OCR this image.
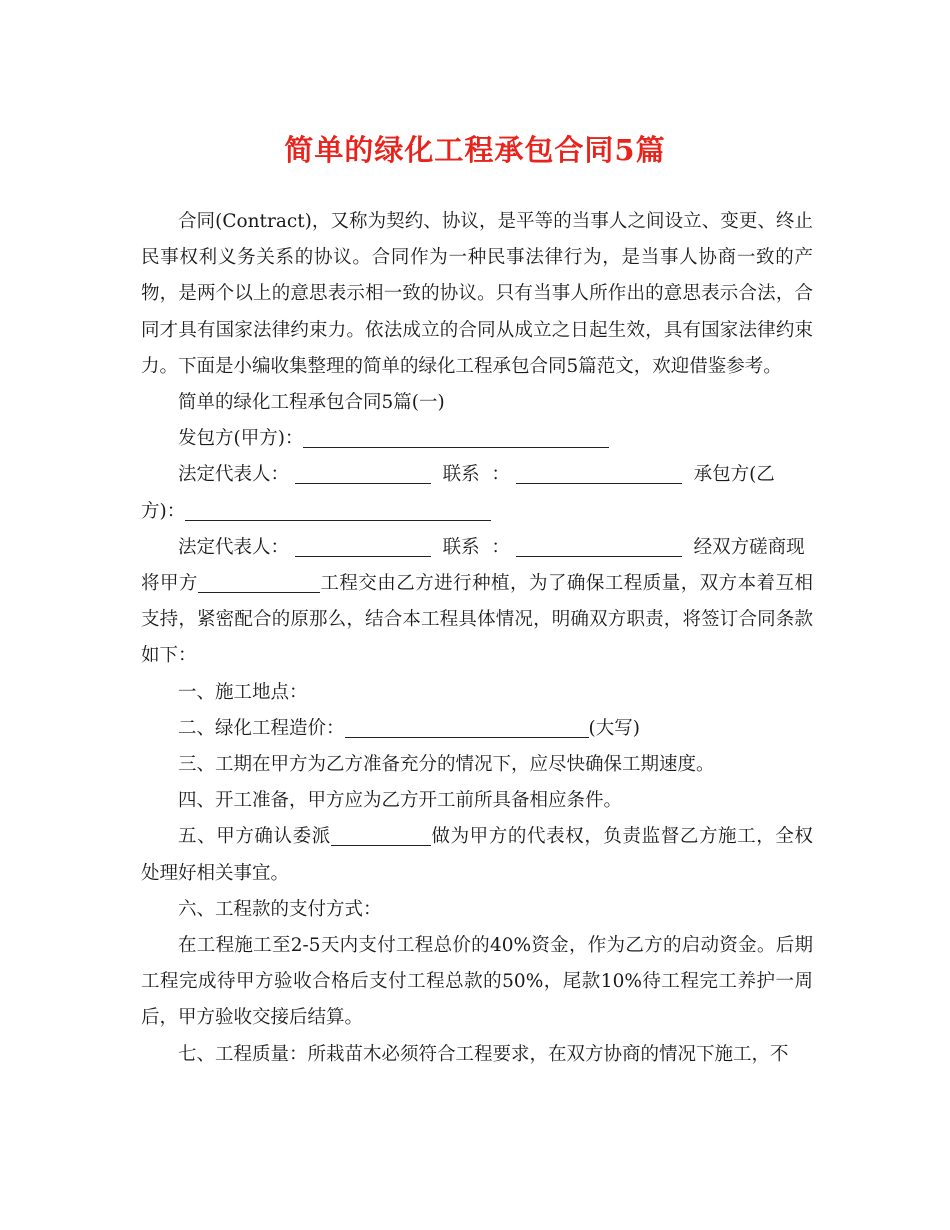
简单的绿化工程承包合同5篇

合同(Contract)，又称为契约、协议，是平等的当事人之间设立、变更、终止民事权利义务关系的协议。合同作为一种民事法律行为，是当事人协商一致的产物，是两个以上的意思表示相一致的协议。只有当事人所作出的意思表示合法，合同才具有国家法律约束力。依法成立的合同从成立之日起生效，具有国家法律约束力。下面是小编收集整理的简单的绿化工程承包合同5篇范文，欢迎借鉴参考。

简单的绿化工程承包合同5篇(一)

发包方(甲方)：

法定代表人：	联系  ：	承包方(乙

方)：

法定代表人：	联系  ：	经双方磋商现

将甲方	工程交由乙方进行种植，为了确保工程质量，双方本着互相支持，紧密配合的原那么，结合本工程具体情况，明确双方职责，将签订合同条款如下：

一、施工地点：

二、绿化工程造价：	(大写)

三、工期在甲方为乙方准备充分的情况下，应尽快确保工期速度。

四、开工准备，甲方应为乙方开工前所具备相应条件。

五、甲方确认委派	做为甲方的代表权，负责监督乙方施工，全权处理好相关事宜。

六、工程款的支付方式：

在工程施工至2-5天内支付工程总价的40%资金，作为乙方的启动资金。后期工程完成待甲方验收合格后支付工程总款的50%，尾款10%待工程完工养护一周后，甲方验收交接后结算。

七、工程质量：所栽苗木必须符合工程要求，在双方协商的情况下施工，不
